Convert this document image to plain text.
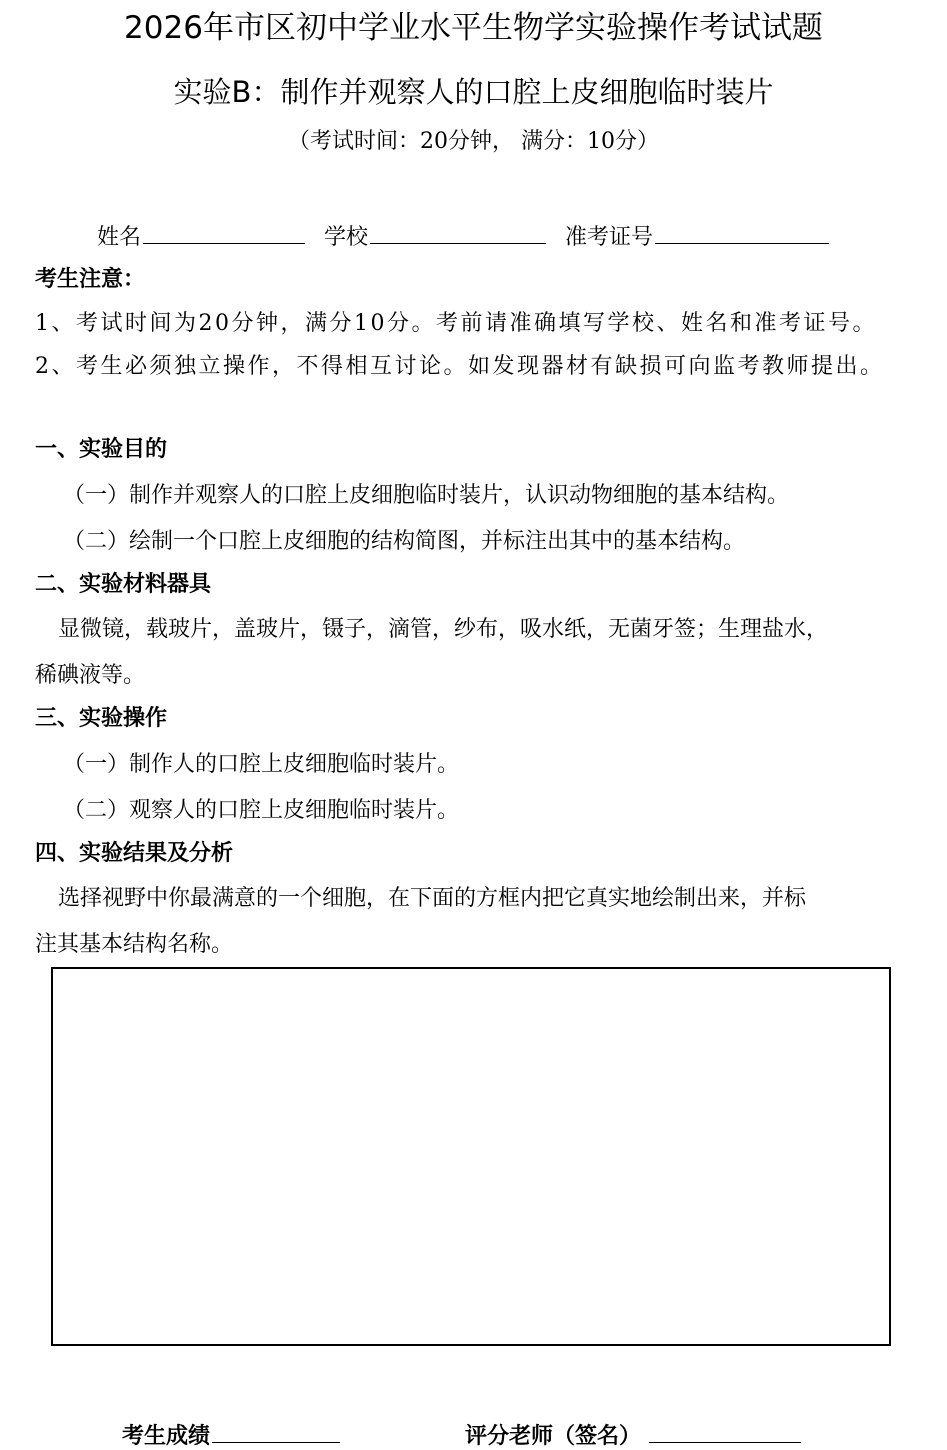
2026年市区初中学业水平生物学实验操作考试试题
实验B：制作并观察人的口腔上皮细胞临时装片
（考试时间：20分钟， 满分：10分）
姓名	学校	准考证号
考生注意：
1、考试时间为20分钟，满分10分。考前请准确填写学校、姓名和准考证号。
2、考生必须独立操作，不得相互讨论。如发现器材有缺损可向监考教师提出。
一、实验目的
（一）制作并观察人的口腔上皮细胞临时装片，认识动物细胞的基本结构。
（二）绘制一个口腔上皮细胞的结构简图，并标注出其中的基本结构。
二、实验材料器具
显微镜，载玻片，盖玻片，镊子，滴管，纱布，吸水纸，无菌牙签；生理盐水，
稀碘液等。
三、实验操作
（一）制作人的口腔上皮细胞临时装片。
（二）观察人的口腔上皮细胞临时装片。
四、实验结果及分析
选择视野中你最满意的一个细胞，在下面的方框内把它真实地绘制出来，并标
注其基本结构名称。
考生成绩	评分老师（签名）
